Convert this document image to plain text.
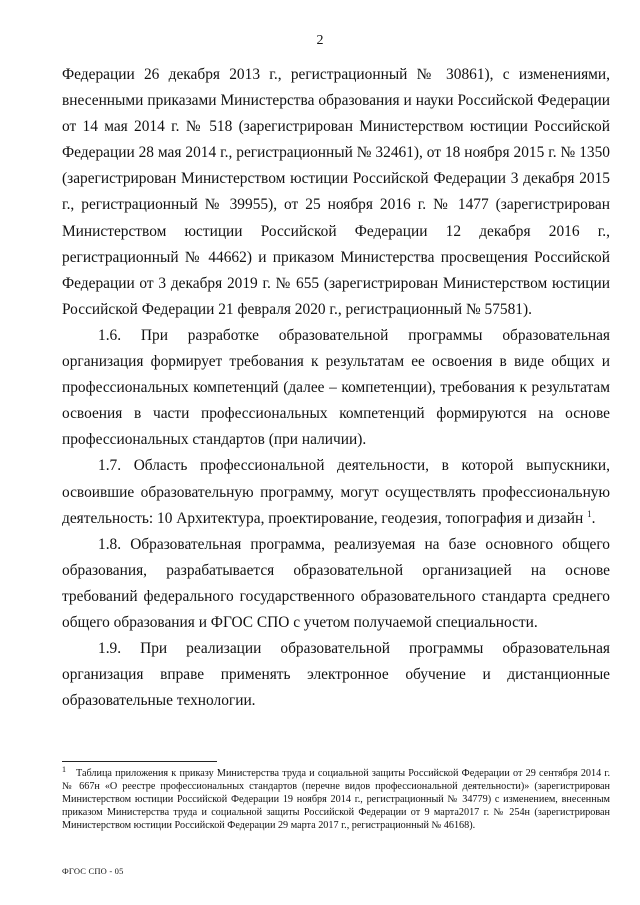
2

Федерации 26 декабря 2013 г., регистрационный № 30861), с изменениями, внесенными приказами Министерства образования и науки Российской Федерации от 14 мая 2014 г. № 518 (зарегистрирован Министерством юстиции Российской Федерации 28 мая 2014 г., регистрационный № 32461), от 18 ноября 2015 г. № 1350 (зарегистрирован Министерством юстиции Российской Федерации 3 декабря 2015 г., регистрационный № 39955), от 25 ноября 2016 г. № 1477 (зарегистрирован Министерством юстиции Российской Федерации 12 декабря 2016 г., регистрационный № 44662) и приказом Министерства просвещения Российской Федерации от 3 декабря 2019 г. № 655 (зарегистрирован Министерством юстиции Российской Федерации 21 февраля 2020 г., регистрационный № 57581).

1.6. При разработке образовательной программы образовательная организация формирует требования к результатам ее освоения в виде общих и профессиональных компетенций (далее – компетенции), требования к результатам освоения в части профессиональных компетенций формируются на основе профессиональных стандартов (при наличии).

1.7. Область профессиональной деятельности, в которой выпускники, освоившие образовательную программу, могут осуществлять профессиональную деятельность: 10 Архитектура, проектирование, геодезия, топография и дизайн $^1$.

1.8. Образовательная программа, реализуемая на базе основного общего образования, разрабатывается образовательной организацией на основе требований федерального государственного образовательного стандарта среднего общего образования и ФГОС СПО с учетом получаемой специальности.

1.9. При реализации образовательной программы образовательная организация вправе применять электронное обучение и дистанционные образовательные технологии.

1 Таблица приложения к приказу Министерства труда и социальной защиты Российской Федерации от 29 сентября 2014 г. № 667н «О реестре профессиональных стандартов (перечне видов профессиональной деятельности)» (зарегистрирован Министерством юстиции Российской Федерации 19 ноября 2014 г., регистрационный № 34779) с изменением, внесенным приказом Министерства труда и социальной защиты Российской Федерации от 9 марта2017 г. № 254н (зарегистрирован Министерством юстиции Российской Федерации 29 марта 2017 г., регистрационный № 46168).
ФГОС СПО - 05
